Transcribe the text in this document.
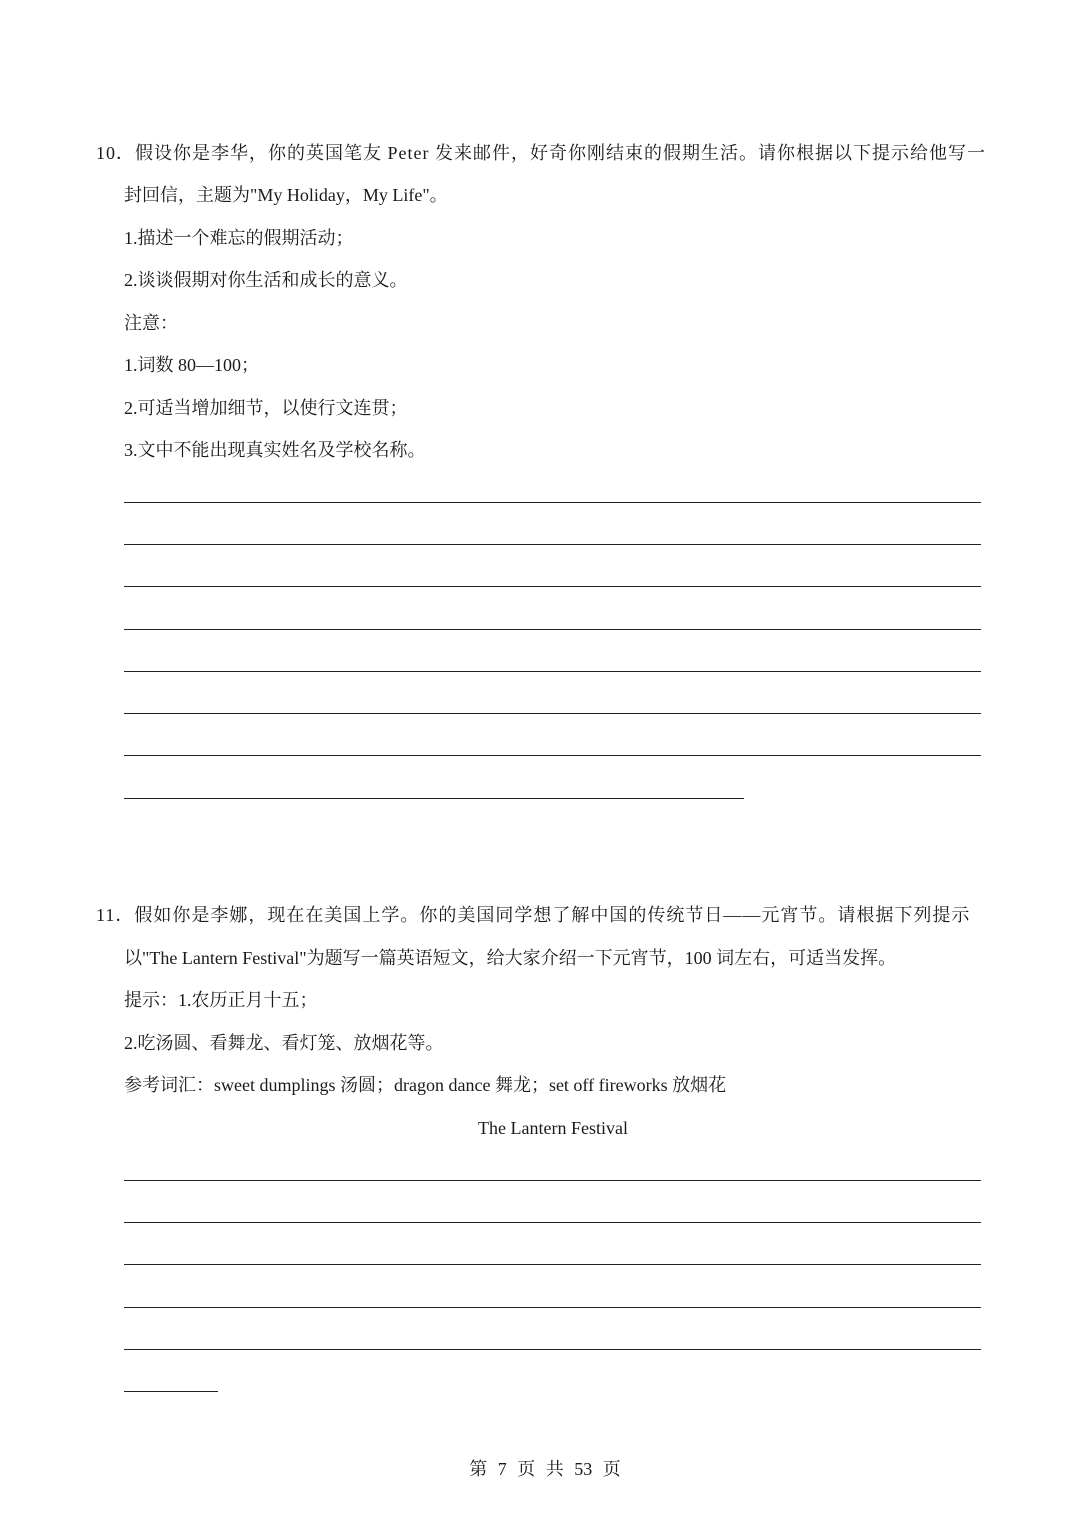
10．假设你是李华，你的英国笔友 Peter 发来邮件，好奇你刚结束的假期生活。请你根据以下提示给他写一
封回信，主题为"My Holiday，My Life"。
1.描述一个难忘的假期活动；
2.谈谈假期对你生活和成长的意义。
注意：
1.词数 80—100；
2.可适当增加细节，以使行文连贯；
3.文中不能出现真实姓名及学校名称。
11．假如你是李娜，现在在美国上学。你的美国同学想了解中国的传统节日——元宵节。请根据下列提示
以"The Lantern Festival"为题写一篇英语短文，给大家介绍一下元宵节，100 词左右，可适当发挥。
提示：1.农历正月十五；
2.吃汤圆、看舞龙、看灯笼、放烟花等。
参考词汇：sweet dumplings 汤圆；dragon dance 舞龙；set off fireworks 放烟花
The Lantern Festival
第 7 页 共 53 页
